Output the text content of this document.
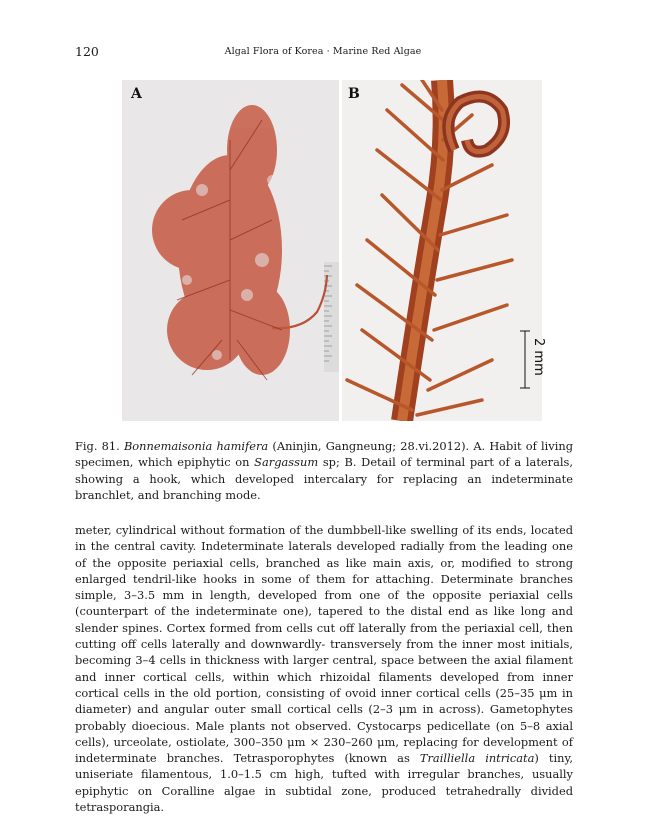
120	Algal Flora of Korea · Marine Red Algae
A	B
2 mm
Fig. 81. Bonnemaisonia hamifera (Aninjin, Gangneung; 28.vi.2012). A. Habit of living specimen, which epiphytic on Sargassum sp; B. Detail of terminal part of a laterals, showing a hook, which developed intercalary for replacing an indeterminate branchlet, and branching mode.
meter, cylindrical without formation of the dumbbell-like swelling of its ends, located in the central cavity. Indeterminate laterals developed radially from the leading one of the opposite periaxial cells, branched as like main axis, or, modified to strong enlarged tendril-like hooks in some of them for attaching. Determinate branches simple, 3–3.5 mm in length, developed from one of the opposite periaxial cells (counterpart of the indeterminate one), tapered to the distal end as like long and slender spines. Cortex formed from cells cut off laterally from the periaxial cell, then cutting off cells laterally and downwardly- transversely from the inner most initials, becoming 3–4 cells in thickness with larger central, space between the axial filament and inner cortical cells, within which rhizoidal filaments developed from inner cortical cells in the old portion, consisting of ovoid inner cortical cells (25–35 μm in diameter) and angular outer small cortical cells (2–3 μm in across). Gametophytes probably dioecious. Male plants not observed. Cystocarps pedicellate (on 5–8 axial cells), urceolate, ostiolate, 300–350 μm × 230–260 μm, replacing for development of indeterminate branches. Tetrasporophytes (known as Trailliella intricata) tiny, uniseriate filamentous, 1.0–1.5 cm high, tufted with irregular branches, usually epiphytic on Coralline algae in subtidal zone, produced tetrahedrally divided tetrasporangia.
